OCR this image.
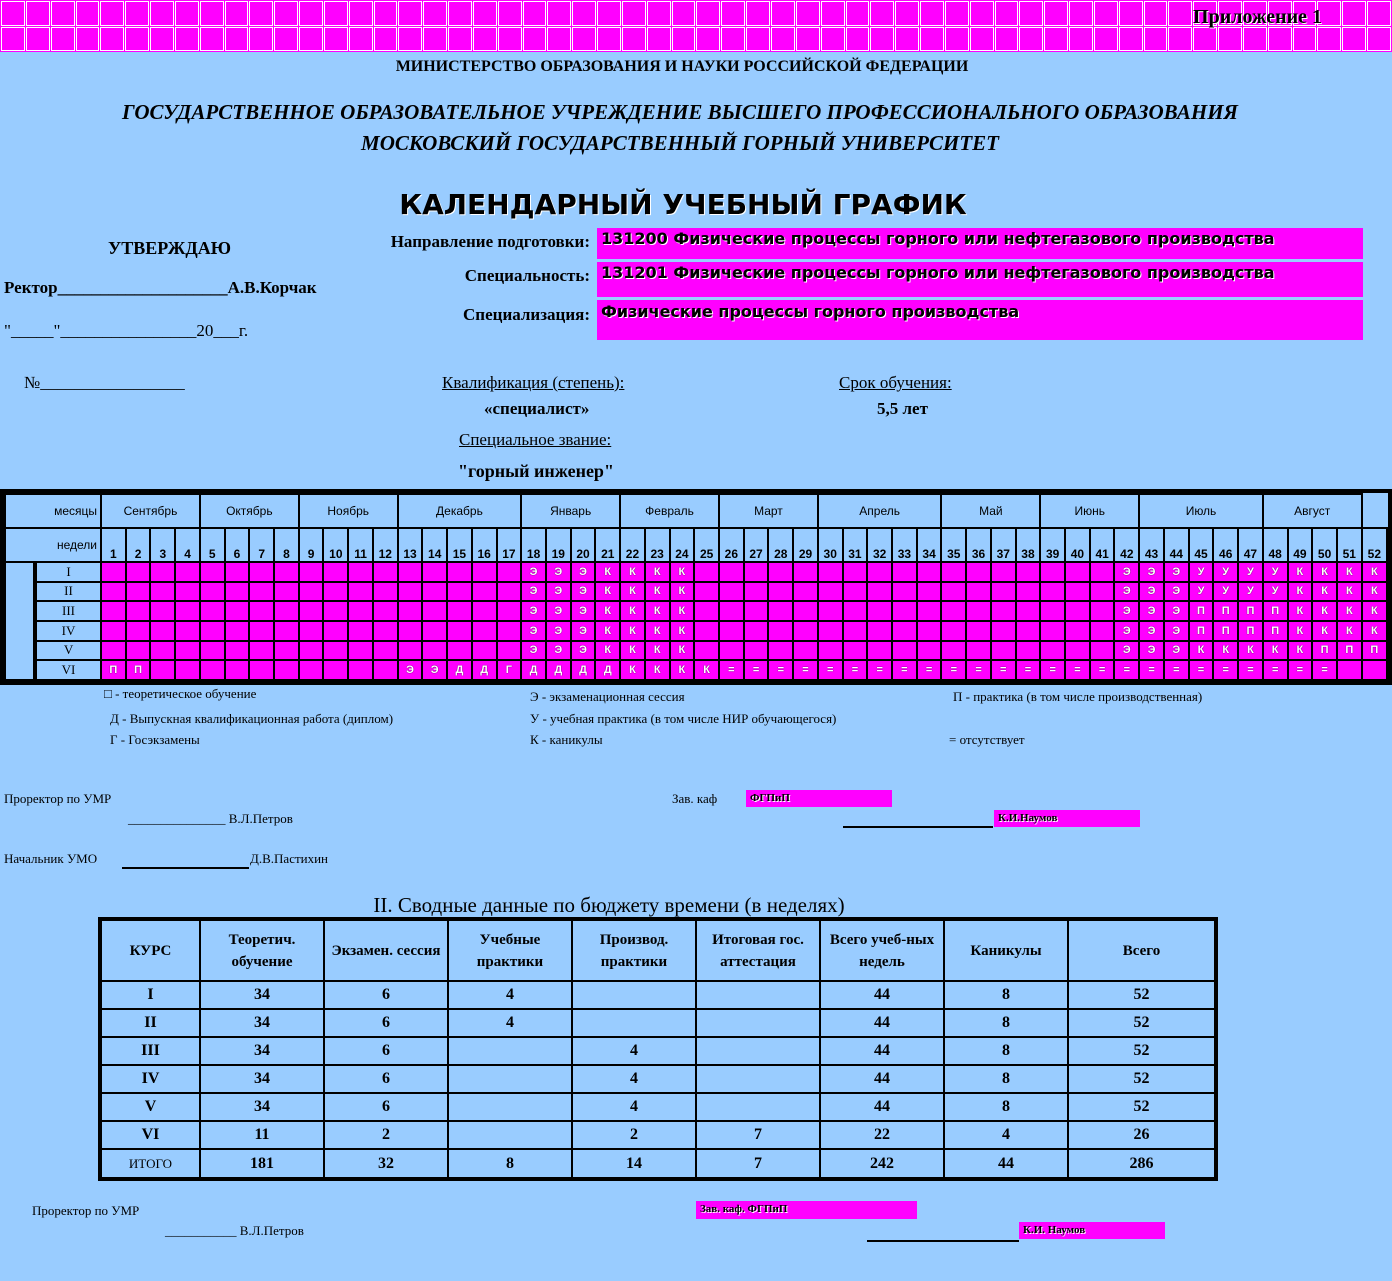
Приложение 1
МИНИСТЕРСТВО ОБРАЗОВАНИЯ И НАУКИ РОССИЙСКОЙ ФЕДЕРАЦИИ
ГОСУДАРСТВЕННОЕ ОБРАЗОВАТЕЛЬНОЕ УЧРЕЖДЕНИЕ ВЫСШЕГО ПРОФЕССИОНАЛЬНОГО ОБРАЗОВАНИЯ
МОСКОВСКИЙ ГОСУДАРСТВЕННЫЙ ГОРНЫЙ УНИВЕРСИТЕТ
КАЛЕНДАРНЫЙ УЧЕБНЫЙ ГРАФИК
УТВЕРЖДАЮ
Ректор____________________А.В.Корчак
"_____"________________20___г.
№_________________
Направление подготовки: 131200 Физические процессы горного или нефтегазового производства
Специальность: 131201 Физические процессы горного или нефтегазового производства
Специализация: Физические процессы горного производства
Квалификация (степень):
«специалист»
Срок обучения:
5,5 лет
Специальное звание:
"горный инженер"
месяцы		Сентябрь				Октябрь				Ноябрь				Декабрь					Январь				Февраль				Март				Апрель					Май				Июнь				Июль					Август				
недели		1	2	3	4	5	6	7	8	9	10	11	12	13	14	15	16	17	18	19	20	21	22	23	24	25	26	27	28	29	30	31	32	33	34	35	36	37	38	39	40	41	42	43	44	45	46	47	48	49	50	51	52
	I																		Э	Э	Э	К	К	К	К																		Э	Э	Э	У	У	У	У	К	К	К	К
	II																		Э	Э	Э	К	К	К	К																		Э	Э	Э	У	У	У	У	К	К	К	К
	III																		Э	Э	Э	К	К	К	К																		Э	Э	Э	П	П	П	П	К	К	К	К
	IV																		Э	Э	Э	К	К	К	К																		Э	Э	Э	П	П	П	П	К	К	К	К
	V																		Э	Э	Э	К	К	К	К																		Э	Э	Э	К	К	К	К	К	П	П	П
	VI	П	П											Э	Э	Д	Д	Г	Д	Д	Д	Д	К	К	К	К	=	=	=	=	=	=	=	=	=	=	=	=	=	=	=	=	=	=	=	=	=	=	=	=	=		
□ - теоретическое обучение	Э - экзаменационная сессия	П - практика (в том числе производственная)
Д - Выпускная квалификационная работа (диплом)	У - учебная практика (в том числе НИР обучающегося)
Г - Госэкзамены	К - каникулы	= отсутствует
Проректор по УМР
_______________ В.Л.Петров
Начальник УМО	Д.В.Пастихин
Зав. каф	ФГПиП
К.И.Наумов
II. Сводные данные по бюджету времени (в неделях)
КУРС	Теоретич. обучение	Экзамен. сессия	Учебные практики	Производ. практики	Итоговая гос. аттестация	Всего учеб-ных недель	Каникулы	Всего
I	34	6	4			44	8	52
II	34	6	4			44	8	52
III	34	6		4		44	8	52
IV	34	6		4		44	8	52
V	34	6		4		44	8	52
VI	11	2		2	7	22	4	26
ИТОГО	181	32	8	14	7	242	44	286
Проректор по УМР
___________ В.Л.Петров
Зав. каф. ФГПиП
К.И. Наумов
